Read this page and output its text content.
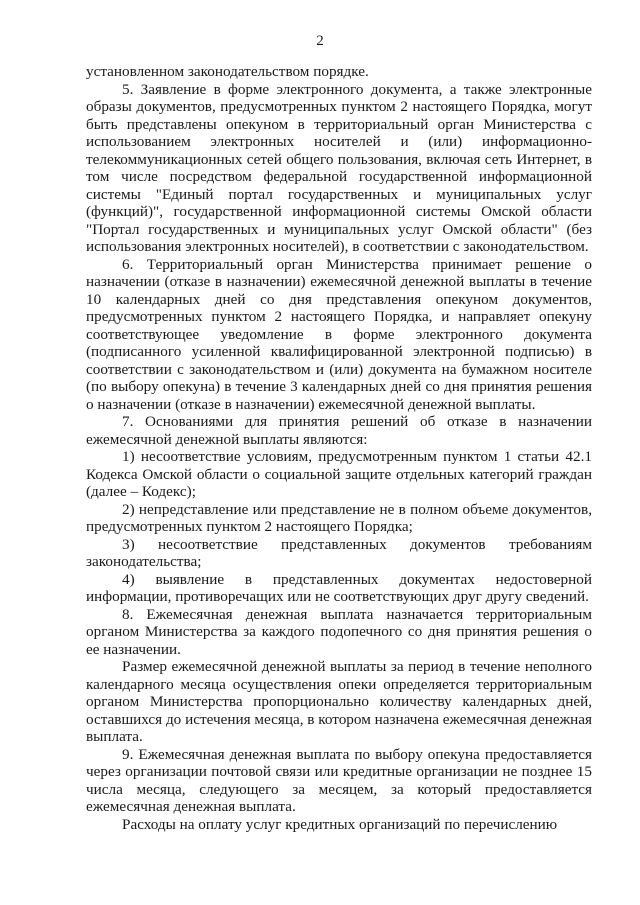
2

установленном законодательством порядке.

5. Заявление в форме электронного документа, а также электронные образы документов, предусмотренных пунктом 2 настоящего Порядка, могут быть представлены опекуном в территориальный орган Министерства с использованием электронных носителей и (или) информационно-телекоммуникационных сетей общего пользования, включая сеть Интернет, в том числе посредством федеральной государственной информационной системы "Единый портал государственных и муниципальных услуг (функций)", государственной информационной системы Омской области "Портал государственных и муниципальных услуг Омской области" (без использования электронных носителей), в соответствии с законодательством.

6. Территориальный орган Министерства принимает решение о назначении (отказе в назначении) ежемесячной денежной выплаты в течение 10 календарных дней со дня представления опекуном документов, предусмотренных пунктом 2 настоящего Порядка, и направляет опекуну соответствующее уведомление в форме электронного документа (подписанного усиленной квалифицированной электронной подписью) в соответствии с законодательством и (или) документа на бумажном носителе (по выбору опекуна) в течение 3 календарных дней со дня принятия решения о назначении (отказе в назначении) ежемесячной денежной выплаты.

7. Основаниями для принятия решений об отказе в назначении ежемесячной денежной выплаты являются:

1) несоответствие условиям, предусмотренным пунктом 1 статьи 42.1 Кодекса Омской области о социальной защите отдельных категорий граждан (далее – Кодекс);

2) непредставление или представление не в полном объеме документов, предусмотренных пунктом 2 настоящего Порядка;

3) несоответствие представленных документов требованиям законодательства;

4) выявление в представленных документах недостоверной информации, противоречащих или не соответствующих друг другу сведений.

8. Ежемесячная денежная выплата назначается территориальным органом Министерства за каждого подопечного со дня принятия решения о ее назначении.

Размер ежемесячной денежной выплаты за период в течение неполного календарного месяца осуществления опеки определяется территориальным органом Министерства пропорционально количеству календарных дней, оставшихся до истечения месяца, в котором назначена ежемесячная денежная выплата.

9. Ежемесячная денежная выплата по выбору опекуна предоставляется через организации почтовой связи или кредитные организации не позднее 15 числа месяца, следующего за месяцем, за который предоставляется ежемесячная денежная выплата.

Расходы на оплату услуг кредитных организаций по перечислению
